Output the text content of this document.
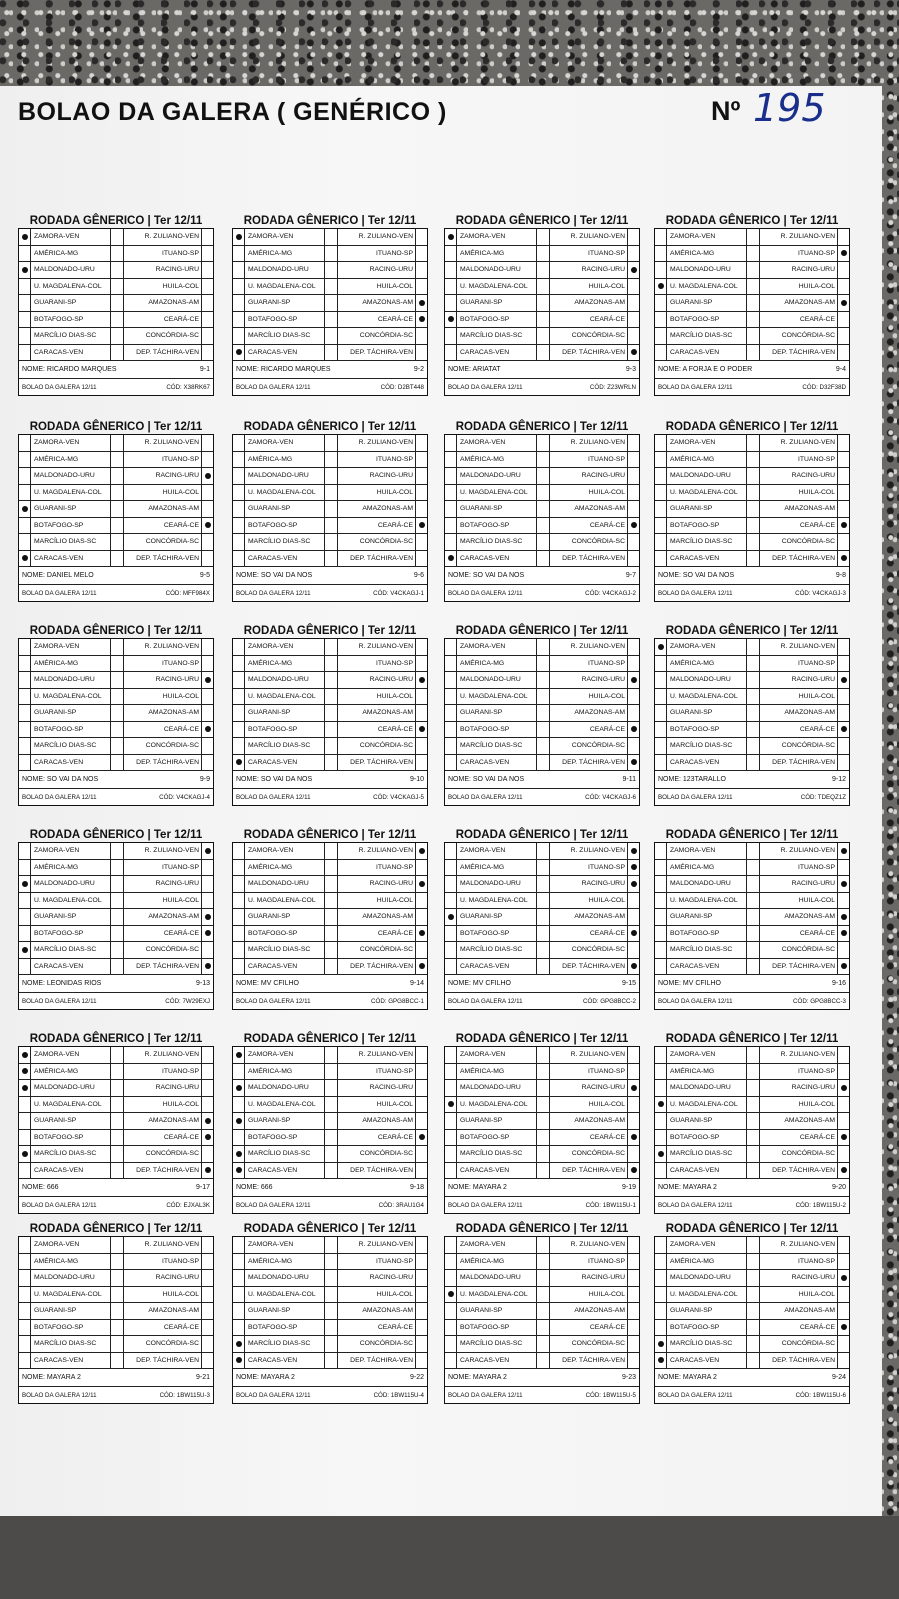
BOLAO DA GALERA ( GENÉRICO )	Nº 195
RODADA GÊNERICO | Ter 12/11
ZAMORA-VEN	R. ZULIANO-VEN
AMÉRICA-MG	ITUANO-SP
MALDONADO-URU	RACING-URU
U. MAGDALENA-COL	HUILA-COL
GUARANI-SP	AMAZONAS-AM
BOTAFOGO-SP	CEARÁ-CE
MARCÍLIO DIAS-SC	CONCÓRDIA-SC
CARACAS-VEN	DEP. TÁCHIRA-VEN
NOME: RICARDO MARQUES	9-1
BOLAO DA GALERA 12/11	CÓD: X38RK67
RODADA GÊNERICO | Ter 12/11
ZAMORA-VEN	R. ZULIANO-VEN
AMÉRICA-MG	ITUANO-SP
MALDONADO-URU	RACING-URU
U. MAGDALENA-COL	HUILA-COL
GUARANI-SP	AMAZONAS-AM
BOTAFOGO-SP	CEARÁ-CE
MARCÍLIO DIAS-SC	CONCÓRDIA-SC
CARACAS-VEN	DEP. TÁCHIRA-VEN
NOME: RICARDO MARQUES	9-2
BOLAO DA GALERA 12/11	CÓD: D2BT448
RODADA GÊNERICO | Ter 12/11
ZAMORA-VEN	R. ZULIANO-VEN
AMÉRICA-MG	ITUANO-SP
MALDONADO-URU	RACING-URU
U. MAGDALENA-COL	HUILA-COL
GUARANI-SP	AMAZONAS-AM
BOTAFOGO-SP	CEARÁ-CE
MARCÍLIO DIAS-SC	CONCÓRDIA-SC
CARACAS-VEN	DEP. TÁCHIRA-VEN
NOME: ARIATAT	9-3
BOLAO DA GALERA 12/11	CÓD: Z23WRLN
RODADA GÊNERICO | Ter 12/11
ZAMORA-VEN	R. ZULIANO-VEN
AMÉRICA-MG	ITUANO-SP
MALDONADO-URU	RACING-URU
U. MAGDALENA-COL	HUILA-COL
GUARANI-SP	AMAZONAS-AM
BOTAFOGO-SP	CEARÁ-CE
MARCÍLIO DIAS-SC	CONCÓRDIA-SC
CARACAS-VEN	DEP. TÁCHIRA-VEN
NOME: A FORJA E O PODER	9-4
BOLAO DA GALERA 12/11	CÓD: D32F38D
RODADA GÊNERICO | Ter 12/11
ZAMORA-VEN	R. ZULIANO-VEN
AMÉRICA-MG	ITUANO-SP
MALDONADO-URU	RACING-URU
U. MAGDALENA-COL	HUILA-COL
GUARANI-SP	AMAZONAS-AM
BOTAFOGO-SP	CEARÁ-CE
MARCÍLIO DIAS-SC	CONCÓRDIA-SC
CARACAS-VEN	DEP. TÁCHIRA-VEN
NOME: DANIEL MELO	9-5
BOLAO DA GALERA 12/11	CÓD: MFF984X
RODADA GÊNERICO | Ter 12/11
ZAMORA-VEN	R. ZULIANO-VEN
AMÉRICA-MG	ITUANO-SP
MALDONADO-URU	RACING-URU
U. MAGDALENA-COL	HUILA-COL
GUARANI-SP	AMAZONAS-AM
BOTAFOGO-SP	CEARÁ-CE
MARCÍLIO DIAS-SC	CONCÓRDIA-SC
CARACAS-VEN	DEP. TÁCHIRA-VEN
NOME: SO VAI DA NOS	9-6
BOLAO DA GALERA 12/11	CÓD: V4CKAGJ-1
RODADA GÊNERICO | Ter 12/11
ZAMORA-VEN	R. ZULIANO-VEN
AMÉRICA-MG	ITUANO-SP
MALDONADO-URU	RACING-URU
U. MAGDALENA-COL	HUILA-COL
GUARANI-SP	AMAZONAS-AM
BOTAFOGO-SP	CEARÁ-CE
MARCÍLIO DIAS-SC	CONCÓRDIA-SC
CARACAS-VEN	DEP. TÁCHIRA-VEN
NOME: SO VAI DA NOS	9-7
BOLAO DA GALERA 12/11	CÓD: V4CKAGJ-2
RODADA GÊNERICO | Ter 12/11
ZAMORA-VEN	R. ZULIANO-VEN
AMÉRICA-MG	ITUANO-SP
MALDONADO-URU	RACING-URU
U. MAGDALENA-COL	HUILA-COL
GUARANI-SP	AMAZONAS-AM
BOTAFOGO-SP	CEARÁ-CE
MARCÍLIO DIAS-SC	CONCÓRDIA-SC
CARACAS-VEN	DEP. TÁCHIRA-VEN
NOME: SO VAI DA NOS	9-8
BOLAO DA GALERA 12/11	CÓD: V4CKAGJ-3
RODADA GÊNERICO | Ter 12/11
ZAMORA-VEN	R. ZULIANO-VEN
AMÉRICA-MG	ITUANO-SP
MALDONADO-URU	RACING-URU
U. MAGDALENA-COL	HUILA-COL
GUARANI-SP	AMAZONAS-AM
BOTAFOGO-SP	CEARÁ-CE
MARCÍLIO DIAS-SC	CONCÓRDIA-SC
CARACAS-VEN	DEP. TÁCHIRA-VEN
NOME: SO VAI DA NOS	9-9
BOLAO DA GALERA 12/11	CÓD: V4CKAGJ-4
RODADA GÊNERICO | Ter 12/11
ZAMORA-VEN	R. ZULIANO-VEN
AMÉRICA-MG	ITUANO-SP
MALDONADO-URU	RACING-URU
U. MAGDALENA-COL	HUILA-COL
GUARANI-SP	AMAZONAS-AM
BOTAFOGO-SP	CEARÁ-CE
MARCÍLIO DIAS-SC	CONCÓRDIA-SC
CARACAS-VEN	DEP. TÁCHIRA-VEN
NOME: SO VAI DA NOS	9-10
BOLAO DA GALERA 12/11	CÓD: V4CKAGJ-5
RODADA GÊNERICO | Ter 12/11
ZAMORA-VEN	R. ZULIANO-VEN
AMÉRICA-MG	ITUANO-SP
MALDONADO-URU	RACING-URU
U. MAGDALENA-COL	HUILA-COL
GUARANI-SP	AMAZONAS-AM
BOTAFOGO-SP	CEARÁ-CE
MARCÍLIO DIAS-SC	CONCÓRDIA-SC
CARACAS-VEN	DEP. TÁCHIRA-VEN
NOME: SO VAI DA NOS	9-11
BOLAO DA GALERA 12/11	CÓD: V4CKAGJ-6
RODADA GÊNERICO | Ter 12/11
ZAMORA-VEN	R. ZULIANO-VEN
AMÉRICA-MG	ITUANO-SP
MALDONADO-URU	RACING-URU
U. MAGDALENA-COL	HUILA-COL
GUARANI-SP	AMAZONAS-AM
BOTAFOGO-SP	CEARÁ-CE
MARCÍLIO DIAS-SC	CONCÓRDIA-SC
CARACAS-VEN	DEP. TÁCHIRA-VEN
NOME: 123TARALLO	9-12
BOLAO DA GALERA 12/11	CÓD: TDEQZ1Z
RODADA GÊNERICO | Ter 12/11
ZAMORA-VEN	R. ZULIANO-VEN
AMÉRICA-MG	ITUANO-SP
MALDONADO-URU	RACING-URU
U. MAGDALENA-COL	HUILA-COL
GUARANI-SP	AMAZONAS-AM
BOTAFOGO-SP	CEARÁ-CE
MARCÍLIO DIAS-SC	CONCÓRDIA-SC
CARACAS-VEN	DEP. TÁCHIRA-VEN
NOME: LEONIDAS RIOS	9-13
BOLAO DA GALERA 12/11	CÓD: 7W29EXJ
RODADA GÊNERICO | Ter 12/11
ZAMORA-VEN	R. ZULIANO-VEN
AMÉRICA-MG	ITUANO-SP
MALDONADO-URU	RACING-URU
U. MAGDALENA-COL	HUILA-COL
GUARANI-SP	AMAZONAS-AM
BOTAFOGO-SP	CEARÁ-CE
MARCÍLIO DIAS-SC	CONCÓRDIA-SC
CARACAS-VEN	DEP. TÁCHIRA-VEN
NOME: MV CFILHO	9-14
BOLAO DA GALERA 12/11	CÓD: GPG8BCC-1
RODADA GÊNERICO | Ter 12/11
ZAMORA-VEN	R. ZULIANO-VEN
AMÉRICA-MG	ITUANO-SP
MALDONADO-URU	RACING-URU
U. MAGDALENA-COL	HUILA-COL
GUARANI-SP	AMAZONAS-AM
BOTAFOGO-SP	CEARÁ-CE
MARCÍLIO DIAS-SC	CONCÓRDIA-SC
CARACAS-VEN	DEP. TÁCHIRA-VEN
NOME: MV CFILHO	9-15
BOLAO DA GALERA 12/11	CÓD: GPG8BCC-2
RODADA GÊNERICO | Ter 12/11
ZAMORA-VEN	R. ZULIANO-VEN
AMÉRICA-MG	ITUANO-SP
MALDONADO-URU	RACING-URU
U. MAGDALENA-COL	HUILA-COL
GUARANI-SP	AMAZONAS-AM
BOTAFOGO-SP	CEARÁ-CE
MARCÍLIO DIAS-SC	CONCÓRDIA-SC
CARACAS-VEN	DEP. TÁCHIRA-VEN
NOME: MV CFILHO	9-16
BOLAO DA GALERA 12/11	CÓD: GPG8BCC-3
RODADA GÊNERICO | Ter 12/11
ZAMORA-VEN	R. ZULIANO-VEN
AMÉRICA-MG	ITUANO-SP
MALDONADO-URU	RACING-URU
U. MAGDALENA-COL	HUILA-COL
GUARANI-SP	AMAZONAS-AM
BOTAFOGO-SP	CEARÁ-CE
MARCÍLIO DIAS-SC	CONCÓRDIA-SC
CARACAS-VEN	DEP. TÁCHIRA-VEN
NOME: 666	9-17
BOLAO DA GALERA 12/11	CÓD: EJXAL3K
RODADA GÊNERICO | Ter 12/11
ZAMORA-VEN	R. ZULIANO-VEN
AMÉRICA-MG	ITUANO-SP
MALDONADO-URU	RACING-URU
U. MAGDALENA-COL	HUILA-COL
GUARANI-SP	AMAZONAS-AM
BOTAFOGO-SP	CEARÁ-CE
MARCÍLIO DIAS-SC	CONCÓRDIA-SC
CARACAS-VEN	DEP. TÁCHIRA-VEN
NOME: 666	9-18
BOLAO DA GALERA 12/11	CÓD: 3RAU1G4
RODADA GÊNERICO | Ter 12/11
ZAMORA-VEN	R. ZULIANO-VEN
AMÉRICA-MG	ITUANO-SP
MALDONADO-URU	RACING-URU
U. MAGDALENA-COL	HUILA-COL
GUARANI-SP	AMAZONAS-AM
BOTAFOGO-SP	CEARÁ-CE
MARCÍLIO DIAS-SC	CONCÓRDIA-SC
CARACAS-VEN	DEP. TÁCHIRA-VEN
NOME: MAYARA 2	9-19
BOLAO DA GALERA 12/11	CÓD: 1BW115U-1
RODADA GÊNERICO | Ter 12/11
ZAMORA-VEN	R. ZULIANO-VEN
AMÉRICA-MG	ITUANO-SP
MALDONADO-URU	RACING-URU
U. MAGDALENA-COL	HUILA-COL
GUARANI-SP	AMAZONAS-AM
BOTAFOGO-SP	CEARÁ-CE
MARCÍLIO DIAS-SC	CONCÓRDIA-SC
CARACAS-VEN	DEP. TÁCHIRA-VEN
NOME: MAYARA 2	9-20
BOLAO DA GALERA 12/11	CÓD: 1BW115U-2
RODADA GÊNERICO | Ter 12/11
ZAMORA-VEN	R. ZULIANO-VEN
AMÉRICA-MG	ITUANO-SP
MALDONADO-URU	RACING-URU
U. MAGDALENA-COL	HUILA-COL
GUARANI-SP	AMAZONAS-AM
BOTAFOGO-SP	CEARÁ-CE
MARCÍLIO DIAS-SC	CONCÓRDIA-SC
CARACAS-VEN	DEP. TÁCHIRA-VEN
NOME: MAYARA 2	9-21
BOLAO DA GALERA 12/11	CÓD: 1BW115U-3
RODADA GÊNERICO | Ter 12/11
ZAMORA-VEN	R. ZULIANO-VEN
AMÉRICA-MG	ITUANO-SP
MALDONADO-URU	RACING-URU
U. MAGDALENA-COL	HUILA-COL
GUARANI-SP	AMAZONAS-AM
BOTAFOGO-SP	CEARÁ-CE
MARCÍLIO DIAS-SC	CONCÓRDIA-SC
CARACAS-VEN	DEP. TÁCHIRA-VEN
NOME: MAYARA 2	9-22
BOLAO DA GALERA 12/11	CÓD: 1BW115U-4
RODADA GÊNERICO | Ter 12/11
ZAMORA-VEN	R. ZULIANO-VEN
AMÉRICA-MG	ITUANO-SP
MALDONADO-URU	RACING-URU
U. MAGDALENA-COL	HUILA-COL
GUARANI-SP	AMAZONAS-AM
BOTAFOGO-SP	CEARÁ-CE
MARCÍLIO DIAS-SC	CONCÓRDIA-SC
CARACAS-VEN	DEP. TÁCHIRA-VEN
NOME: MAYARA 2	9-23
BOLAO DA GALERA 12/11	CÓD: 1BW115U-5
RODADA GÊNERICO | Ter 12/11
ZAMORA-VEN	R. ZULIANO-VEN
AMÉRICA-MG	ITUANO-SP
MALDONADO-URU	RACING-URU
U. MAGDALENA-COL	HUILA-COL
GUARANI-SP	AMAZONAS-AM
BOTAFOGO-SP	CEARÁ-CE
MARCÍLIO DIAS-SC	CONCÓRDIA-SC
CARACAS-VEN	DEP. TÁCHIRA-VEN
NOME: MAYARA 2	9-24
BOLAO DA GALERA 12/11	CÓD: 1BW115U-6
